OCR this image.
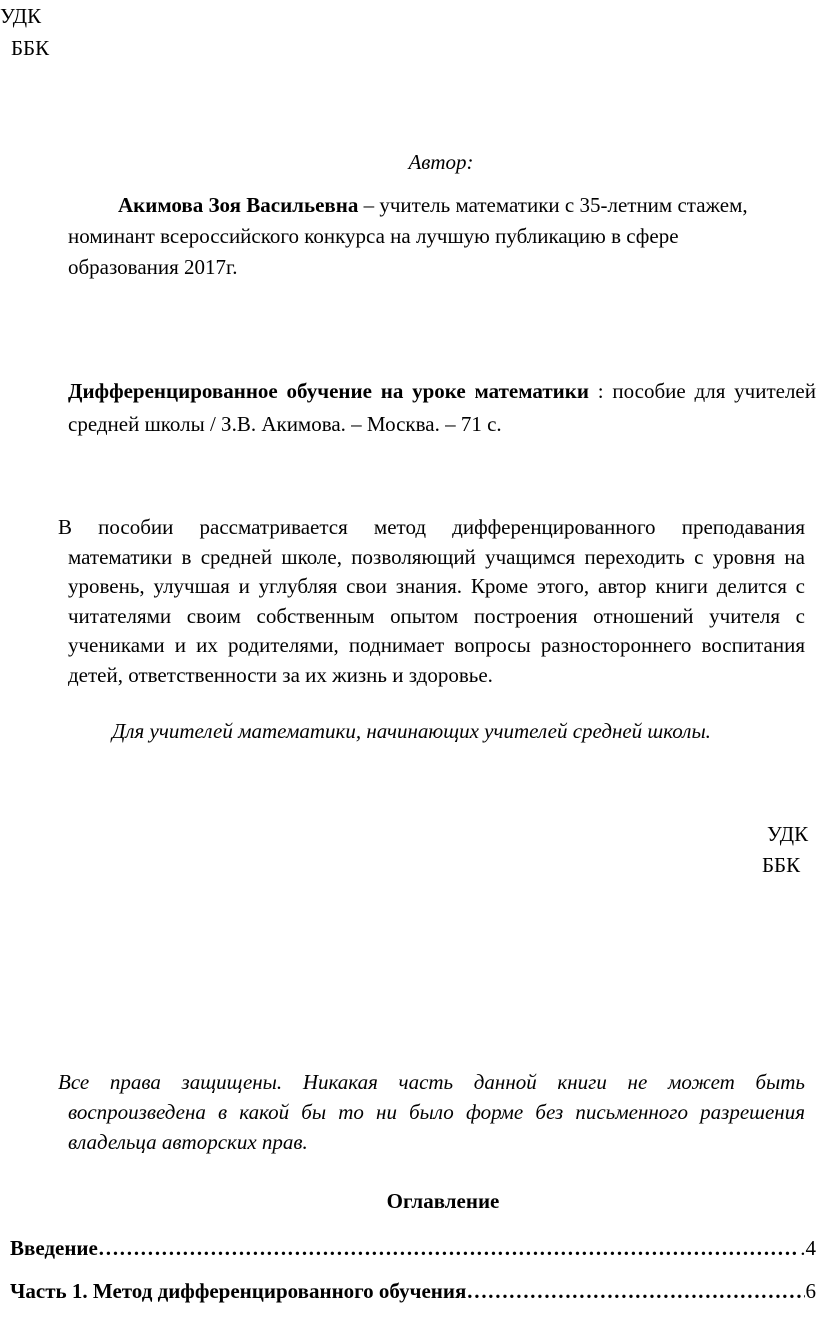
УДК
ББК
Автор:

Акимова Зоя Васильевна – учитель математики с 35-летним стажем, номинант всероссийского конкурса на лучшую публикацию в сфере образования 2017г.

Дифференцированное обучение на уроке математики : пособие для учителей средней школы / З.В. Акимова. – Москва. – 71 с.

В пособии рассматривается метод дифференцированного преподавания математики в средней школе, позволяющий учащимся переходить с уровня на уровень, улучшая и углубляя свои знания. Кроме этого, автор книги делится с читателями своим собственным опытом построения отношений учителя с учениками и их родителями, поднимает вопросы разностороннего воспитания детей, ответственности за их жизнь и здоровье.

Для учителей математики, начинающих учителей средней школы.

УДК
ББК

Все права защищены. Никакая часть данной книги не может быть воспроизведена в какой бы то ни было форме без письменного разрешения владельца авторских прав.

Оглавление
Введение ……………………………………………………………………………………………………………………	.4
Часть 1. Метод дифференцированного обучения ……………………………………………………………………………………………………………………	6
